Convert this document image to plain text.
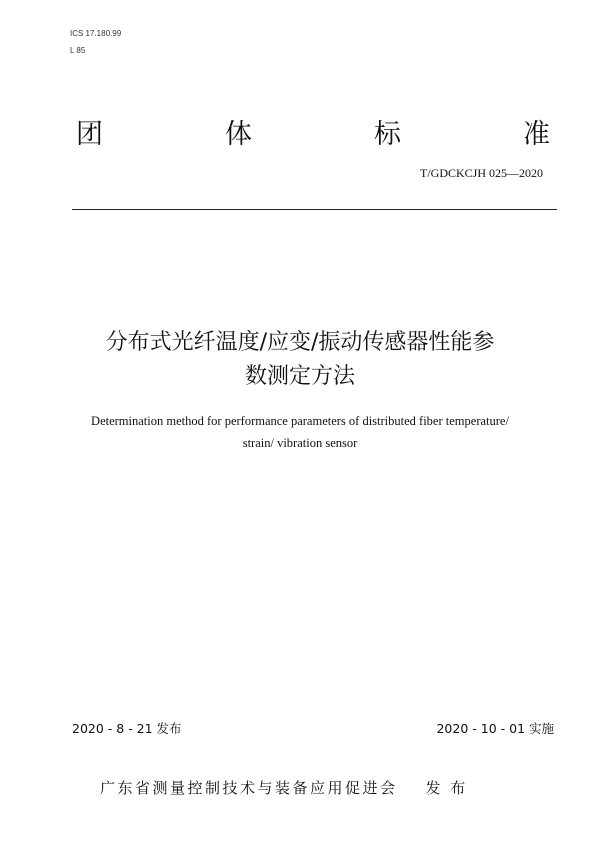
ICS 17.180.99
L 85
团	体	标	准
T/GDCKCJH 025—2020
分布式光纤温度/应变/振动传感器性能参
数测定方法
Determination method for performance parameters of distributed fiber temperature/
strain/ vibration sensor
2020 - 8 - 21 发布	2020 - 10 - 01 实施
广东省测量控制技术与装备应用促进会 发 布
